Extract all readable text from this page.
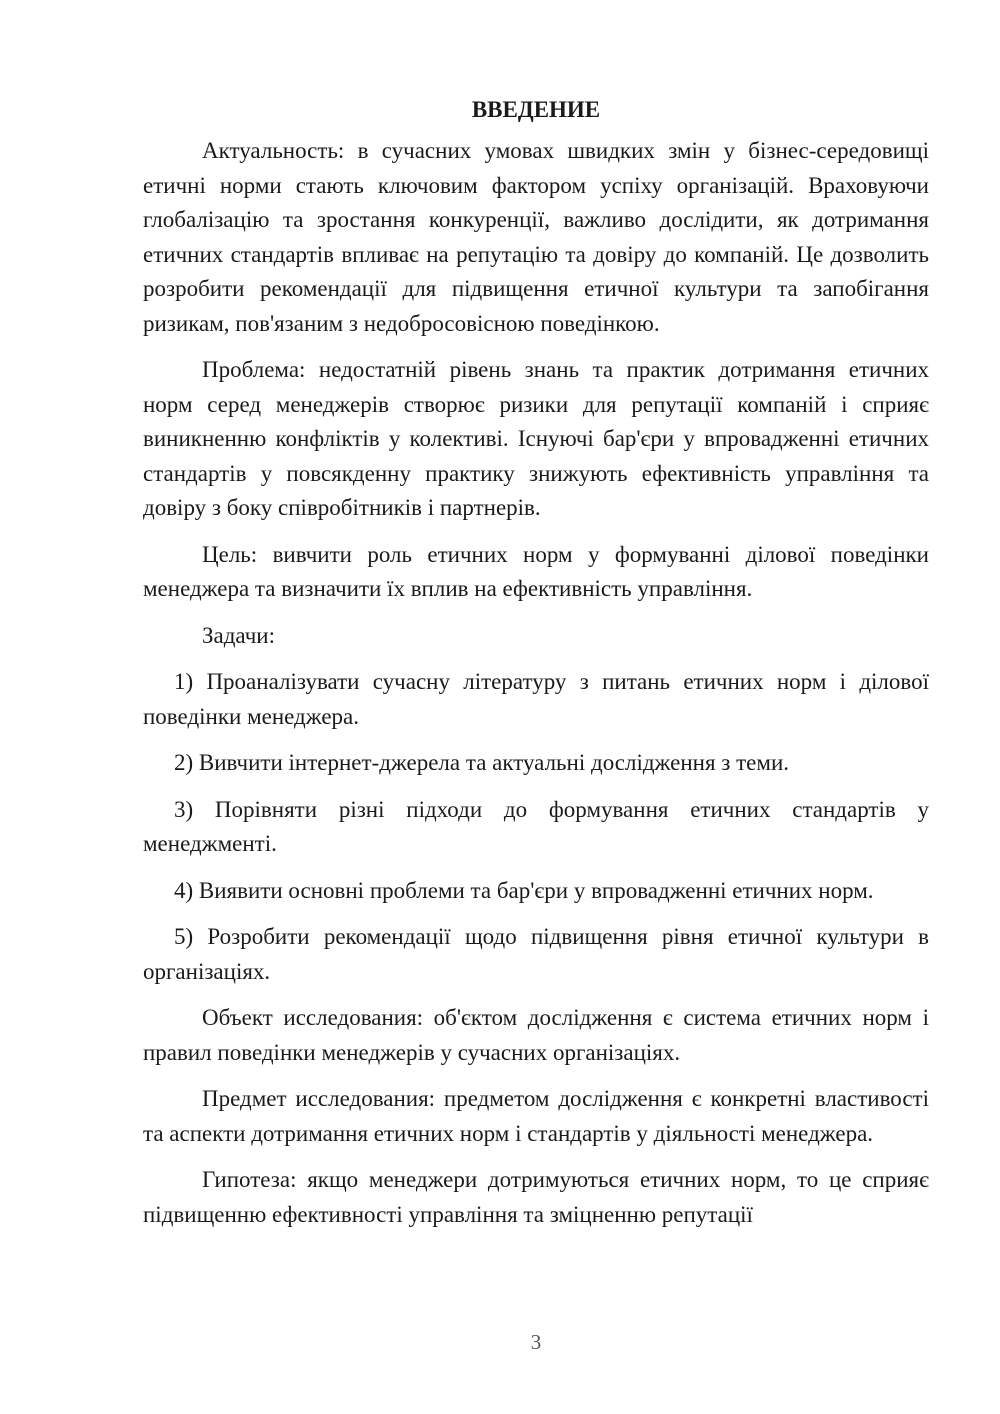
ВВЕДЕНИЕ

Актуальность: в сучасних умовах швидких змін у бізнес-середовищі етичні норми стають ключовим фактором успіху організацій. Враховуючи глобалізацію та зростання конкуренції, важливо дослідити, як дотримання етичних стандартів впливає на репутацію та довіру до компаній. Це дозволить розробити рекомендації для підвищення етичної культури та запобігання ризикам, пов'язаним з недобросовісною поведінкою.

Проблема: недостатній рівень знань та практик дотримання етичних норм серед менеджерів створює ризики для репутації компаній і сприяє виникненню конфліктів у колективі. Існуючі бар'єри у впровадженні етичних стандартів у повсякденну практику знижують ефективність управління та довіру з боку співробітників і партнерів.

Цель: вивчити роль етичних норм у формуванні ділової поведінки менеджера та визначити їх вплив на ефективність управління.

Задачи:

1) Проаналізувати сучасну літературу з питань етичних норм і ділової поведінки менеджера.

2) Вивчити інтернет-джерела та актуальні дослідження з теми.

3) Порівняти різні підходи до формування етичних стандартів у менеджменті.

4) Виявити основні проблеми та бар'єри у впровадженні етичних норм.

5) Розробити рекомендації щодо підвищення рівня етичної культури в організаціях.

Объект исследования: об'єктом дослідження є система етичних норм і правил поведінки менеджерів у сучасних організаціях.

Предмет исследования: предметом дослідження є конкретні властивості та аспекти дотримання етичних норм і стандартів у діяльності менеджера.

Гипотеза: якщо менеджери дотримуються етичних норм, то це сприяє підвищенню ефективності управління та зміцненню репутації

3
